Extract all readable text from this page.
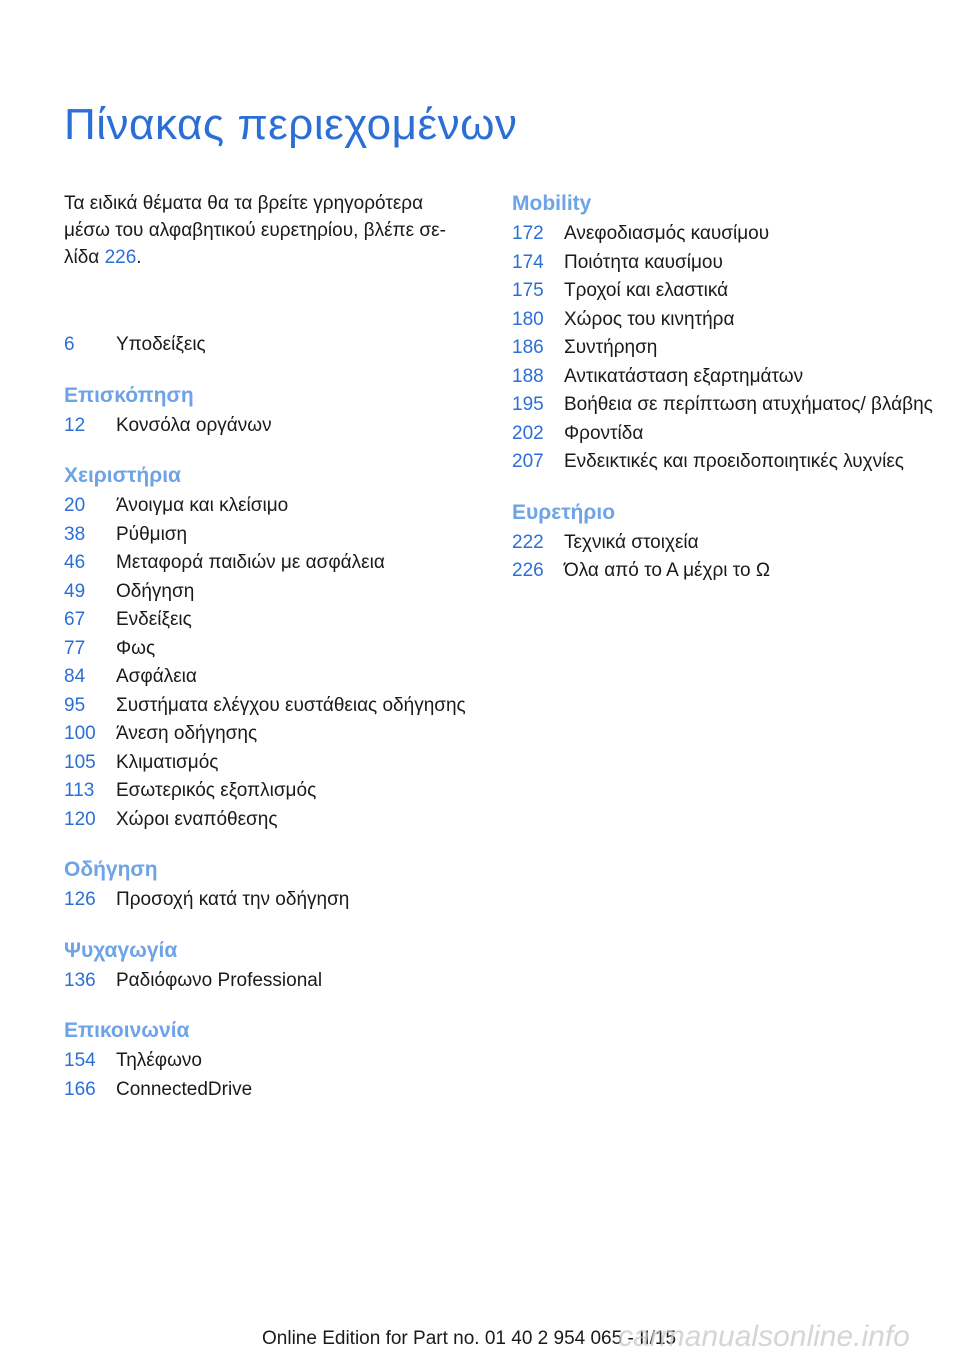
Πίνακας περιεχομένων

Τα ειδικά θέματα θα τα βρείτε γρηγορότερα μέσω του αλφαβητικού ευρετηρίου, βλέπε σε-λίδα 226.

6	Υποδείξεις
Επισκόπηση
12	Κονσόλα οργάνων
Χειριστήρια
20	Άνοιγμα και κλείσιμο
38	Ρύθμιση
46	Μεταφορά παιδιών με ασφάλεια
49	Οδήγηση
67	Ενδείξεις
77	Φως
84	Ασφάλεια
95	Συστήματα ελέγχου ευστάθειας οδήγησης
100	Άνεση οδήγησης
105	Κλιματισμός
113	Εσωτερικός εξοπλισμός
120	Χώροι εναπόθεσης
Οδήγηση
126	Προσοχή κατά την οδήγηση
Ψυχαγωγία
136	Ραδιόφωνο Professional
Επικοινωνία
154	Τηλέφωνο
166	ConnectedDrive
Mobility
172	Ανεφοδιασμός καυσίμου
174	Ποιότητα καυσίμου
175	Τροχοί και ελαστικά
180	Χώρος του κινητήρα
186	Συντήρηση
188	Αντικατάσταση εξαρτημάτων
195	Βοήθεια σε περίπτωση ατυχήματος/ βλάβης
202	Φροντίδα
207	Ενδεικτικές και προειδοποιητικές λυχνίες
Ευρετήριο
222	Τεχνικά στοιχεία
226	Όλα από το Α μέχρι το Ω
Online Edition for Part no. 01 40 2 954 065 - II/15
carmanualsonline.info
